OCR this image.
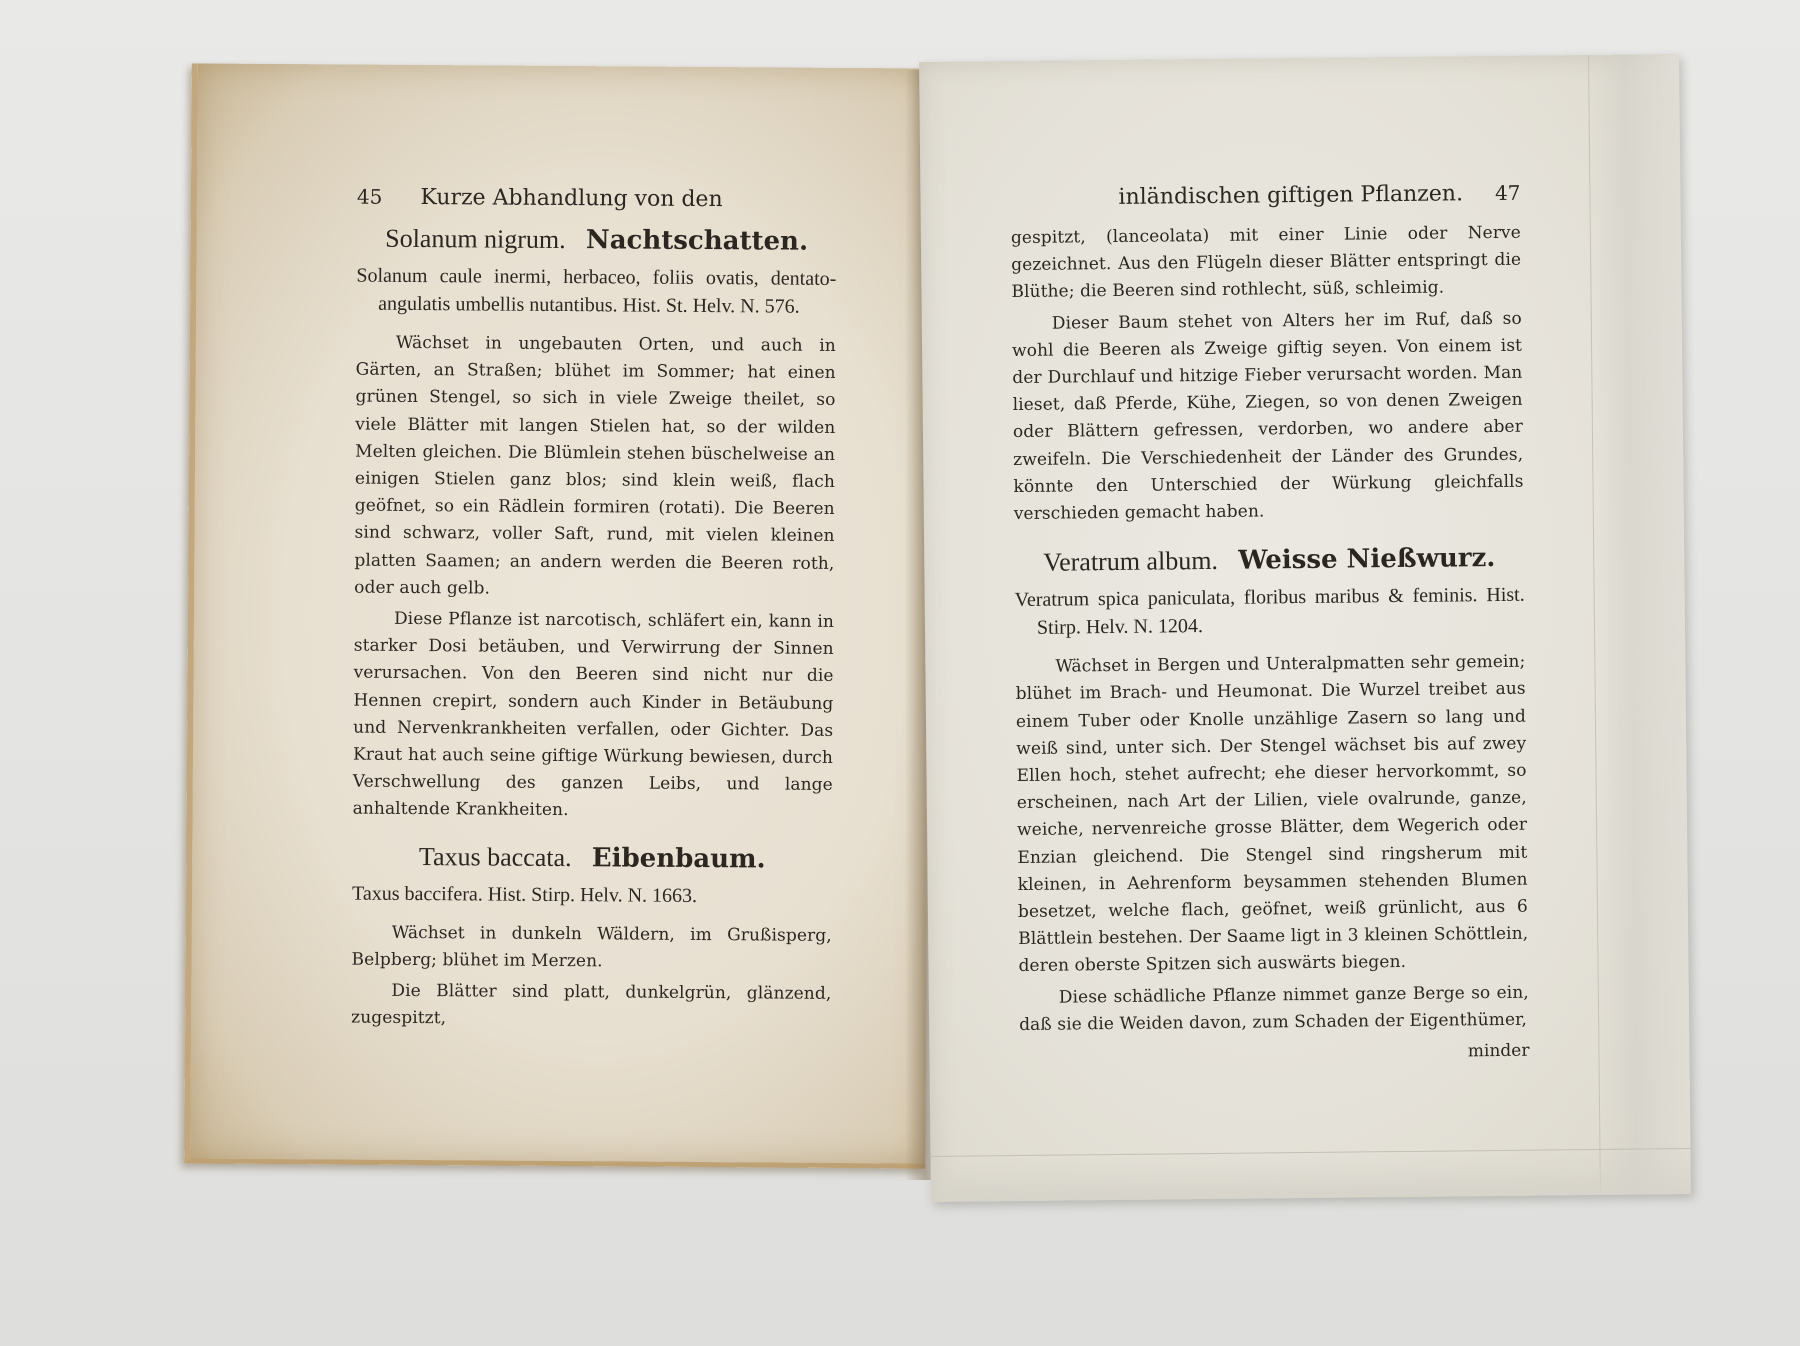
45 Kurze Abhandlung von den
Solanum nigrum. Nachtschatten.

Solanum caule inermi, herbaceo, foliis ovatis, dentato-angulatis umbellis nutantibus. Hist. St. Helv. N. 576.

Wächset in ungebauten Orten, und auch in Gärten, an Straßen; blühet im Sommer; hat einen grünen Stengel, so sich in viele Zweige theilet, so viele Blätter mit langen Stielen hat, so der wilden Melten gleichen. Die Blümlein stehen büschelweise an einigen Stielen ganz blos; sind klein weiß, flach geöfnet, so ein Rädlein formiren (rotati). Die Beeren sind schwarz, voller Saft, rund, mit vielen kleinen platten Saamen; an andern werden die Beeren roth, oder auch gelb.

Diese Pflanze ist narcotisch, schläfert ein, kann in starker Dosi betäuben, und Verwirrung der Sinnen verursachen. Von den Beeren sind nicht nur die Hennen crepirt, sondern auch Kinder in Betäubung und Nervenkrankheiten verfallen, oder Gichter. Das Kraut hat auch seine giftige Würkung bewiesen, durch Verschwellung des ganzen Leibs, und lange anhaltende Krankheiten.

Taxus baccata. Eibenbaum.

Taxus baccifera. Hist. Stirp. Helv. N. 1663.

Wächset in dunkeln Wäldern, im Grußisperg, Belpberg; blühet im Merzen.

Die Blätter sind platt, dunkelgrün, glänzend, zugespitzt,

inländischen giftigen Pflanzen. 47

gespitzt, (lanceolata) mit einer Linie oder Nerve gezeichnet. Aus den Flügeln dieser Blätter entspringt die Blüthe; die Beeren sind rothlecht, süß, schleimig.

Dieser Baum stehet von Alters her im Ruf, daß so wohl die Beeren als Zweige giftig seyen. Von einem ist der Durchlauf und hitzige Fieber verursacht worden. Man lieset, daß Pferde, Kühe, Ziegen, so von denen Zweigen oder Blättern gefressen, verdorben, wo andere aber zweifeln. Die Verschiedenheit der Länder des Grundes, könnte den Unterschied der Würkung gleichfalls verschieden gemacht haben.

Veratrum album. Weisse Nießwurz.

Veratrum spica paniculata, floribus maribus & feminis. Hist. Stirp. Helv. N. 1204.

Wächset in Bergen und Unteralpmatten sehr gemein; blühet im Brach- und Heumonat. Die Wurzel treibet aus einem Tuber oder Knolle unzählige Zasern so lang und weiß sind, unter sich. Der Stengel wächset bis auf zwey Ellen hoch, stehet aufrecht; ehe dieser hervorkommt, so erscheinen, nach Art der Lilien, viele ovalrunde, ganze, weiche, nervenreiche grosse Blätter, dem Wegerich oder Enzian gleichend. Die Stengel sind ringsherum mit kleinen, in Aehrenform beysammen stehenden Blumen besetzet, welche flach, geöfnet, weiß grünlicht, aus 6 Blättlein bestehen. Der Saame ligt in 3 kleinen Schöttlein, deren oberste Spitzen sich auswärts biegen.

Diese schädliche Pflanze nimmet ganze Berge so ein, daß sie die Weiden davon, zum Schaden der Eigenthümer,

minder
